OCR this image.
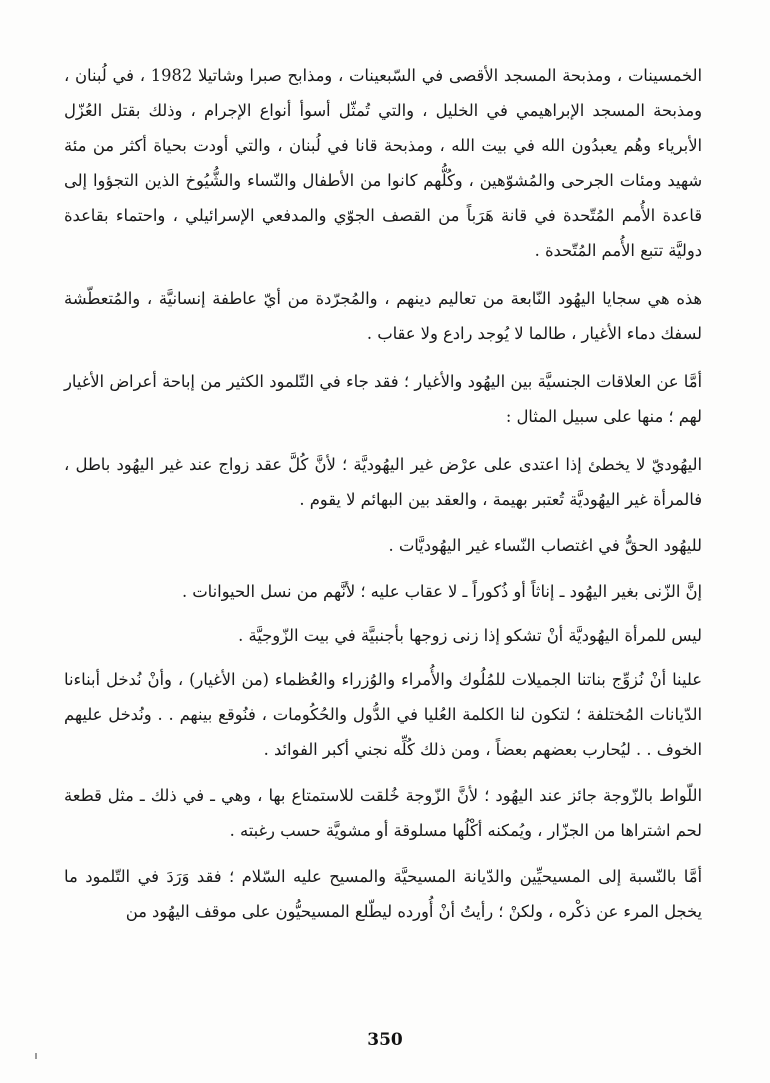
الخمسينات ، ومذبحة المسجد الأقصى في السّبعينات ، ومذابح صبرا وشاتيلا 1982 ، في لُبنان ، ومذبحة المسجد الإبراهيمي في الخليل ، والتي تُمثّل أسوأ أنواع الإجرام ، وذلك بقتل العُزّل الأبرياء وهُم يعبدُون الله في بيت الله ، ومذبحة قانا في لُبنان ، والتي أودت بحياة أكثر من مئة شهيد ومئات الجرحى والمُشوّهين ، وكُلُّهم كانوا من الأطفال والنّساء والشُّيُوخ الذين التجؤوا إلى قاعدة الأُمم المُتّحدة في قانة هَرَباً من القصف الجوّي والمدفعي الإسرائيلي ، واحتماء بقاعدة دوليَّة تتبع الأُمم المُتّحدة .

هذه هي سجايا اليهُود النّابعة من تعاليم دينهم ، والمُجرّدة من أيّ عاطفة إنسانيَّة ، والمُتعطّشة لسفك دماء الأغيار ، طالما لا يُوجد رادع ولا عقاب .

أمَّا عن العلاقات الجنسيَّة بين اليهُود والأغيار ؛ فقد جاء في التّلمود الكثير من إباحة أعراض الأغيار لهم ؛ منها على سبيل المثال :

اليهُوديّ لا يخطئ إذا اعتدى على عرْض غير اليهُوديَّة ؛ لأنَّ كُلَّ عقد زواج عند غير اليهُود باطل ، فالمرأة غير اليهُوديَّة تُعتبر بهيمة ، والعقد بين البهائم لا يقوم .

لليهُود الحقُّ في اغتصاب النّساء غير اليهُوديَّات .

إنَّ الزّنى بغير اليهُود ـ إناثاً أو ذُكوراً ـ لا عقاب عليه ؛ لأنَّهم من نسل الحيوانات .

ليس للمرأة اليهُوديَّة أنْ تشكو إذا زنى زوجها بأجنبيَّة في بيت الزّوجيَّة .

علينا أنْ نُزوِّج بناتنا الجميلات للمُلُوك والأُمراء والوُزراء والعُظماء (من الأغيار) ، وأنْ نُدخل أبناءنا الدّيانات المُختلفة ؛ لتكون لنا الكلمة العُليا في الدُّول والحُكُومات ، فنُوقع بينهم . . ونُدخل عليهم الخوف . . ليُحارب بعضهم بعضاً ، ومن ذلك كُلِّه نجني أكبر الفوائد .

اللّواط بالزّوجة جائز عند اليهُود ؛ لأنَّ الزّوجة خُلقت للاستمتاع بها ، وهي ـ في ذلك ـ مثل قطعة لحم اشتراها من الجزّار ، ويُمكنه أكْلُها مسلوقة أو مشويَّة حسب رغبته .

أمَّا بالنّسبة إلى المسيحيِّين والدّيانة المسيحيَّة والمسيح عليه السّلام ؛ فقد وَرَدَ في التّلمود ما يخجل المرء عن ذكْره ، ولكنْ ؛ رأيتُ أنْ أُورده ليطّلع المسيحيُّون على موقف اليهُود من

350
